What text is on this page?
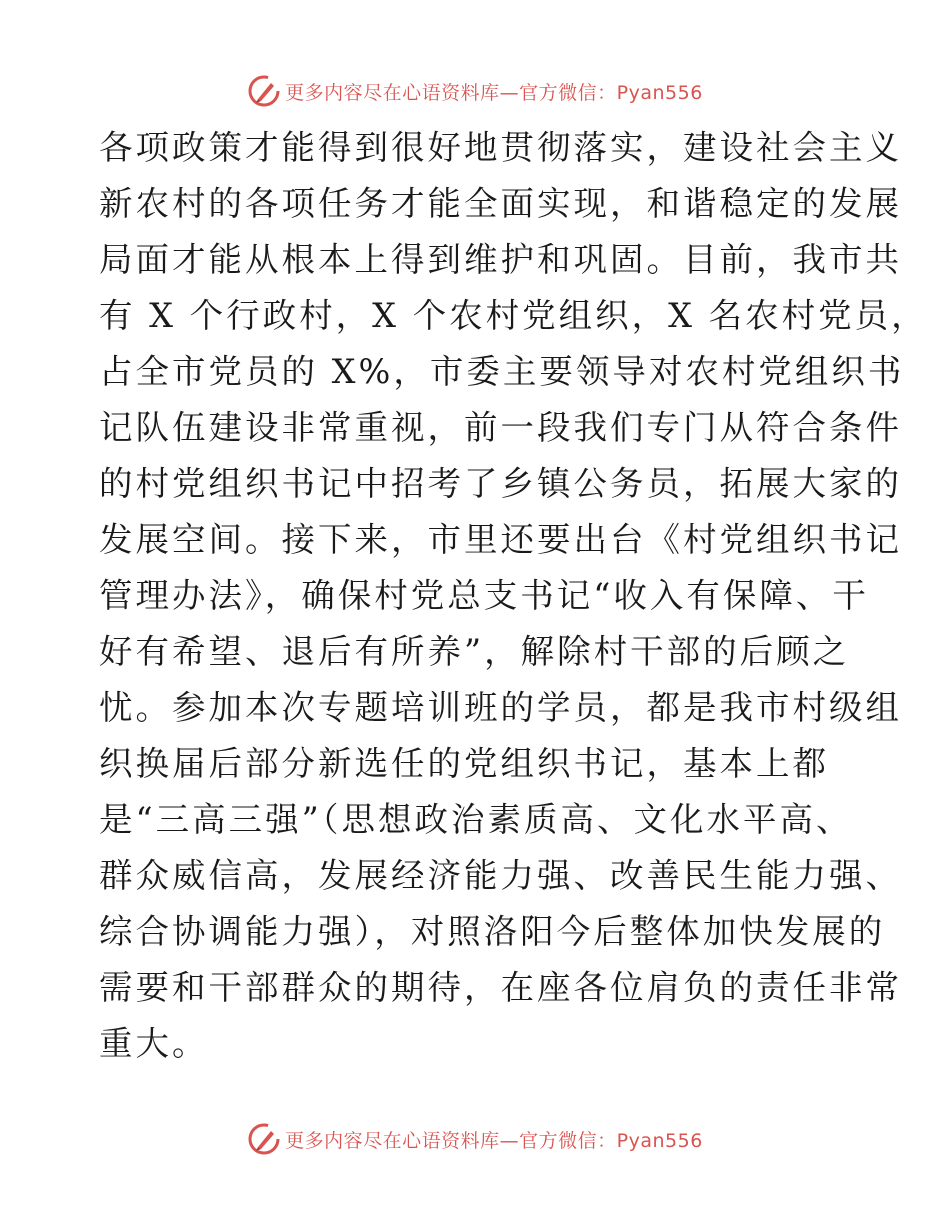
更多内容尽在心语资料库—官方微信：Pyan556
各项政策才能得到很好地贯彻落实，建设社会主义
新农村的各项任务才能全面实现，和谐稳定的发展
局面才能从根本上得到维护和巩固。目前，我市共
有 X 个行政村，X 个农村党组织，X 名农村党员，
占全市党员的 X%，市委主要领导对农村党组织书
记队伍建设非常重视，前一段我们专门从符合条件
的村党组织书记中招考了乡镇公务员，拓展大家的
发展空间。接下来，市里还要出台《村党组织书记
管理办法》，确保村党总支书记“收入有保障、干
好有希望、退后有所养”，解除村干部的后顾之
忧。参加本次专题培训班的学员，都是我市村级组
织换届后部分新选任的党组织书记，基本上都
是“三高三强”（思想政治素质高、文化水平高、
群众威信高，发展经济能力强、改善民生能力强、
综合协调能力强），对照洛阳今后整体加快发展的
需要和干部群众的期待，在座各位肩负的责任非常
重大。
更多内容尽在心语资料库—官方微信：Pyan556
